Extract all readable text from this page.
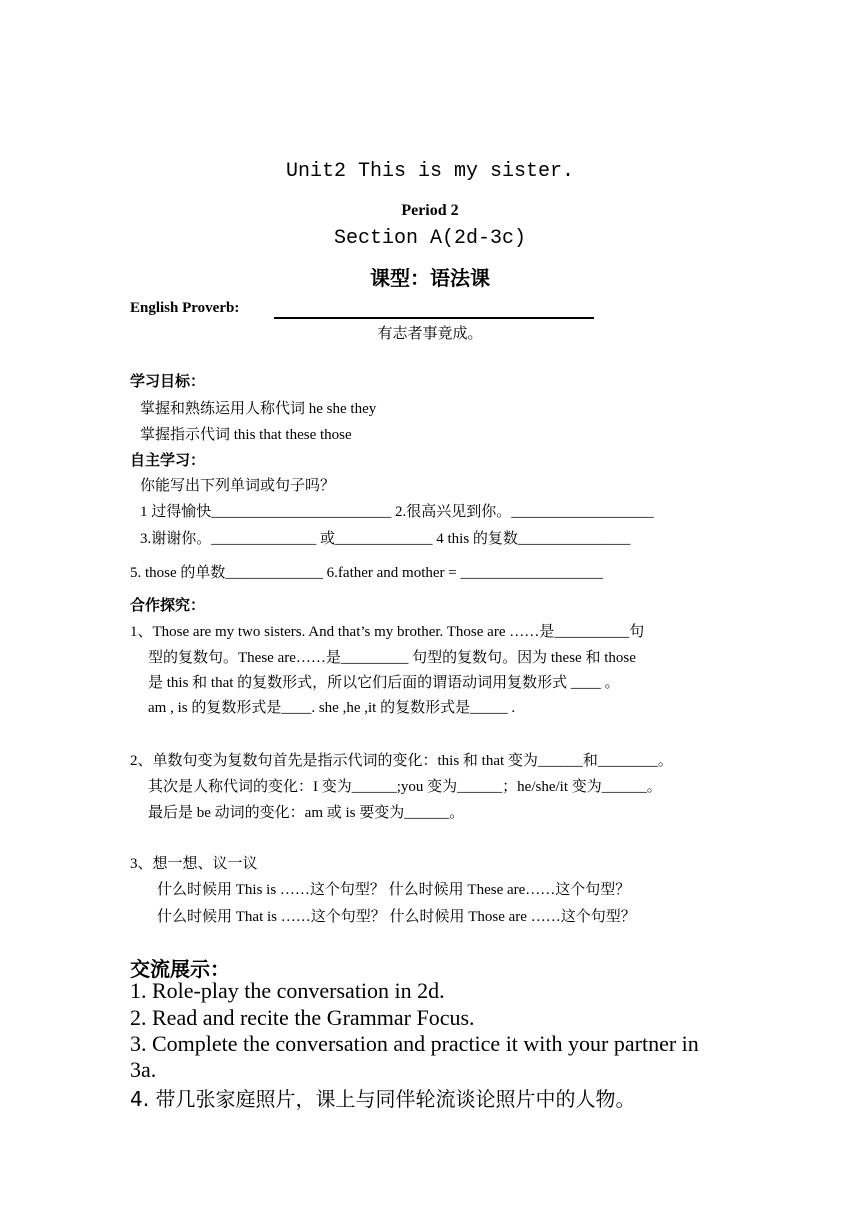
Unit2 This is my sister.
Period 2
Section A(2d-3c)
课型：语法课
English Proverb:
有志者事竟成。
学习目标：
掌握和熟练运用人称代词 he she they
掌握指示代词 this that these those
自主学习：
你能写出下列单词或句子吗？
1 过得愉快________________________ 2.很高兴见到你。___________________
3.谢谢你。______________ 或_____________ 4 this 的复数_______________
5. those 的单数_____________ 6.father and mother = ___________________
合作探究：
1、Those are my two sisters. And that’s my brother. Those are ……是__________句
型的复数句。These are……是_________ 句型的复数句。因为 these 和 those
是 this 和 that 的复数形式，所以它们后面的谓语动词用复数形式 ____ 。
am , is 的复数形式是____. she ,he ,it 的复数形式是_____ .
2、单数句变为复数句首先是指示代词的变化：this 和 that 变为______和________。
其次是人称代词的变化：I 变为______;you 变为______；he/she/it 变为______。
最后是 be 动词的变化：am 或 is 要变为______。
3、想一想、议一议
什么时候用 This is ……这个句型？ 什么时候用 These are……这个句型？
什么时候用 That is ……这个句型？ 什么时候用 Those are ……这个句型？
交流展示：
1. Role-play the conversation in 2d.
2. Read and recite the Grammar Focus.
3. Complete the conversation and practice it with your partner in
3a.
4. 带几张家庭照片，课上与同伴轮流谈论照片中的人物。
